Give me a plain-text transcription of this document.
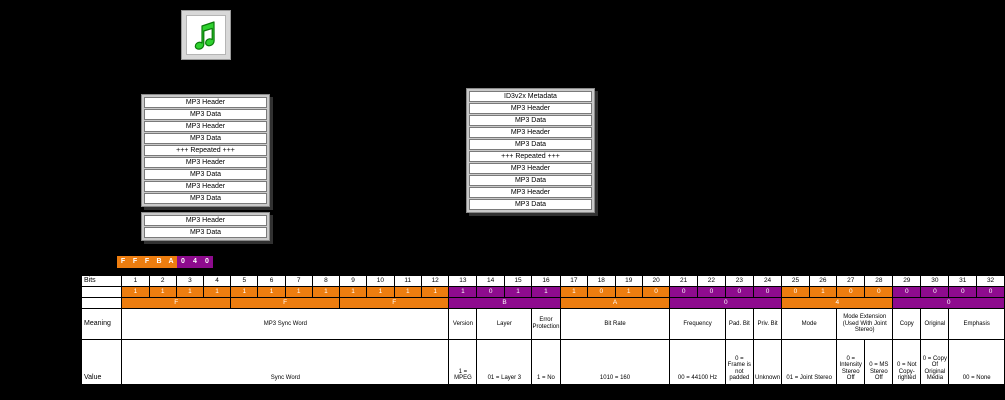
MP3 Header
MP3 Data
MP3 Header
MP3 Data
+++ Repeated +++
MP3 Header
MP3 Data
MP3 Header
MP3 Data
ID3v2x Metadata
MP3 Header
MP3 Data
MP3 Header
MP3 Data
+++ Repeated +++
MP3 Header
MP3 Data
MP3 Header
MP3 Data
MP3 Header
MP3 Data
F	F	F	B A	0	4	0
Bits	1	2	3	4	5	6	7	8	9	10	11	12	13	14	15	16	17	18	19	20	21	22	23	24	25	26	27	28	29	30	31	32
Binary	1	1	1	1	1	1	1	1	1	1	1	1	1	0	1	1	1	0	1	0	0	0	0	0	0	1	0	0	0	0	0	0
Hex	F				F				F				B				A				0				4				0			
Meaning	MP3 Sync Word												Version	Layer		Error Protection	Bit Rate				Frequency		Pad. Bit	Priv. Bit	Mode		Mode Extension (Used With Joint Stereo)		Copy	Original	Emphasis	
Value	Sync Word												1 = MPEG	01 = Layer 3		1 = No	1010 = 160				00 = 44100 Hz		0 = Frame is not padded	Unknown	01 = Joint Stereo		0 = Intensity Stereo Off	0 = MS Stereo Off	0 = Not Copy-righted	0 = Copy Of Original Media	00 = None	
